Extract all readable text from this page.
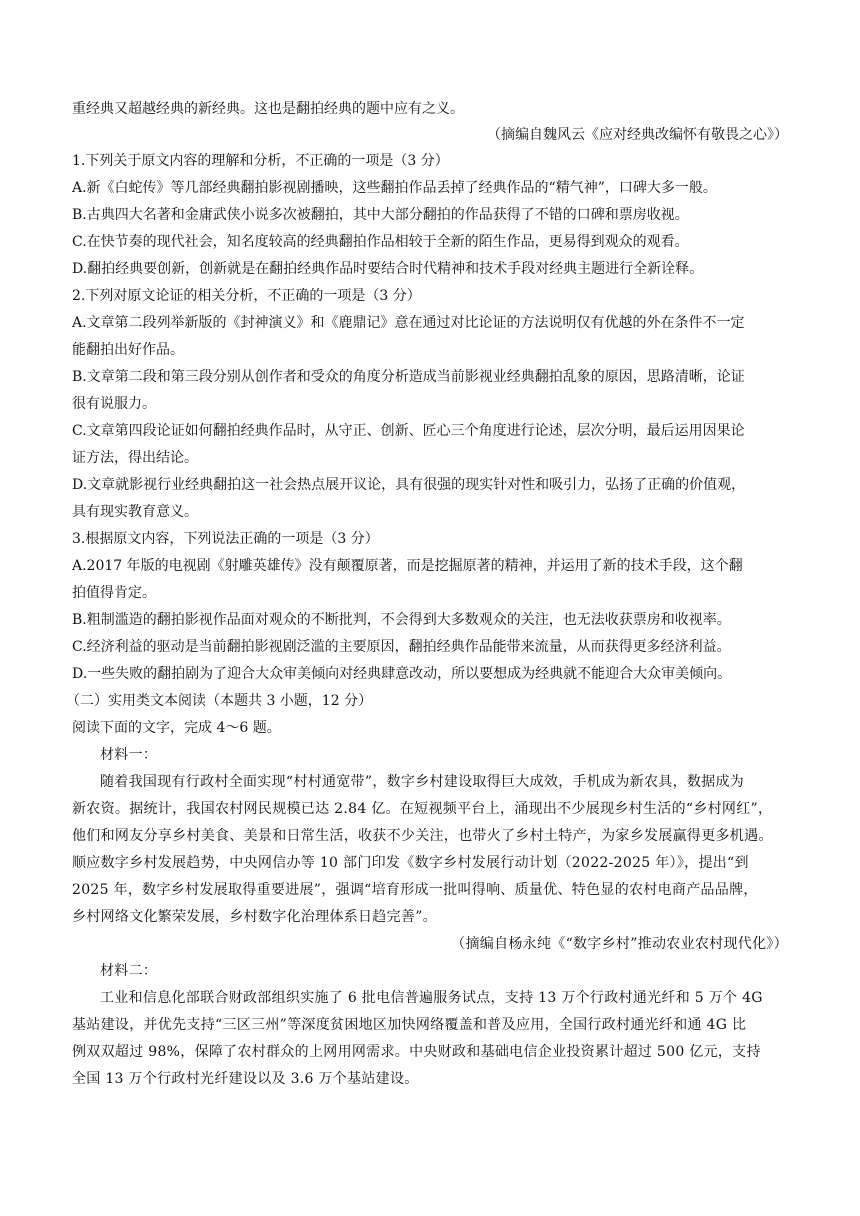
重经典又超越经典的新经典。这也是翻拍经典的题中应有之义。
（摘编自魏风云《应对经典改编怀有敬畏之心》）
1.下列关于原文内容的理解和分析，不正确的一项是（3 分）
A.新《白蛇传》等几部经典翻拍影视剧播映，这些翻拍作品丢掉了经典作品的“精气神”，口碑大多一般。
B.古典四大名著和金庸武侠小说多次被翻拍，其中大部分翻拍的作品获得了不错的口碑和票房收视。
C.在快节奏的现代社会，知名度较高的经典翻拍作品相较于全新的陌生作品，更易得到观众的观看。
D.翻拍经典要创新，创新就是在翻拍经典作品时要结合时代精神和技术手段对经典主题进行全新诠释。
2.下列对原文论证的相关分析，不正确的一项是（3 分）
A.文章第二段列举新版的《封神演义》和《鹿鼎记》意在通过对比论证的方法说明仅有优越的外在条件不一定
能翻拍出好作品。
B.文章第二段和第三段分别从创作者和受众的角度分析造成当前影视业经典翻拍乱象的原因，思路清晰，论证
很有说服力。
C.文章第四段论证如何翻拍经典作品时，从守正、创新、匠心三个角度进行论述，层次分明，最后运用因果论
证方法，得出结论。
D.文章就影视行业经典翻拍这一社会热点展开议论，具有很强的现实针对性和吸引力，弘扬了正确的价值观，
具有现实教育意义。
3.根据原文内容，下列说法正确的一项是（3 分）
A.2017 年版的电视剧《射雕英雄传》没有颠覆原著，而是挖掘原著的精神，并运用了新的技术手段，这个翻
拍值得肯定。
B.粗制滥造的翻拍影视作品面对观众的不断批判，不会得到大多数观众的关注，也无法收获票房和收视率。
C.经济利益的驱动是当前翻拍影视剧泛滥的主要原因，翻拍经典作品能带来流量，从而获得更多经济利益。
D.一些失败的翻拍剧为了迎合大众审美倾向对经典肆意改动，所以要想成为经典就不能迎合大众审美倾向。
（二）实用类文本阅读（本题共 3 小题，12 分）
阅读下面的文字，完成 4～6 题。
材料一：
随着我国现有行政村全面实现“村村通宽带”，数字乡村建设取得巨大成效，手机成为新农具，数据成为
新农资。据统计，我国农村网民规模已达 2.84 亿。在短视频平台上，涌现出不少展现乡村生活的“乡村网红”，
他们和网友分享乡村美食、美景和日常生活，收获不少关注，也带火了乡村土特产，为家乡发展赢得更多机遇。
顺应数字乡村发展趋势，中央网信办等 10 部门印发《数字乡村发展行动计划（2022-2025 年）》，提出“到
2025 年，数字乡村发展取得重要进展”，强调“培育形成一批叫得响、质量优、特色显的农村电商产品品牌，
乡村网络文化繁荣发展，乡村数字化治理体系日趋完善”。
（摘编自杨永纯《“数字乡村”推动农业农村现代化》）
材料二：
工业和信息化部联合财政部组织实施了 6 批电信普遍服务试点，支持 13 万个行政村通光纤和 5 万个 4G
基站建设，并优先支持“三区三州”等深度贫困地区加快网络覆盖和普及应用，全国行政村通光纤和通 4G 比
例双双超过 98%，保障了农村群众的上网用网需求。中央财政和基础电信企业投资累计超过 500 亿元，支持
全国 13 万个行政村光纤建设以及 3.6 万个基站建设。
